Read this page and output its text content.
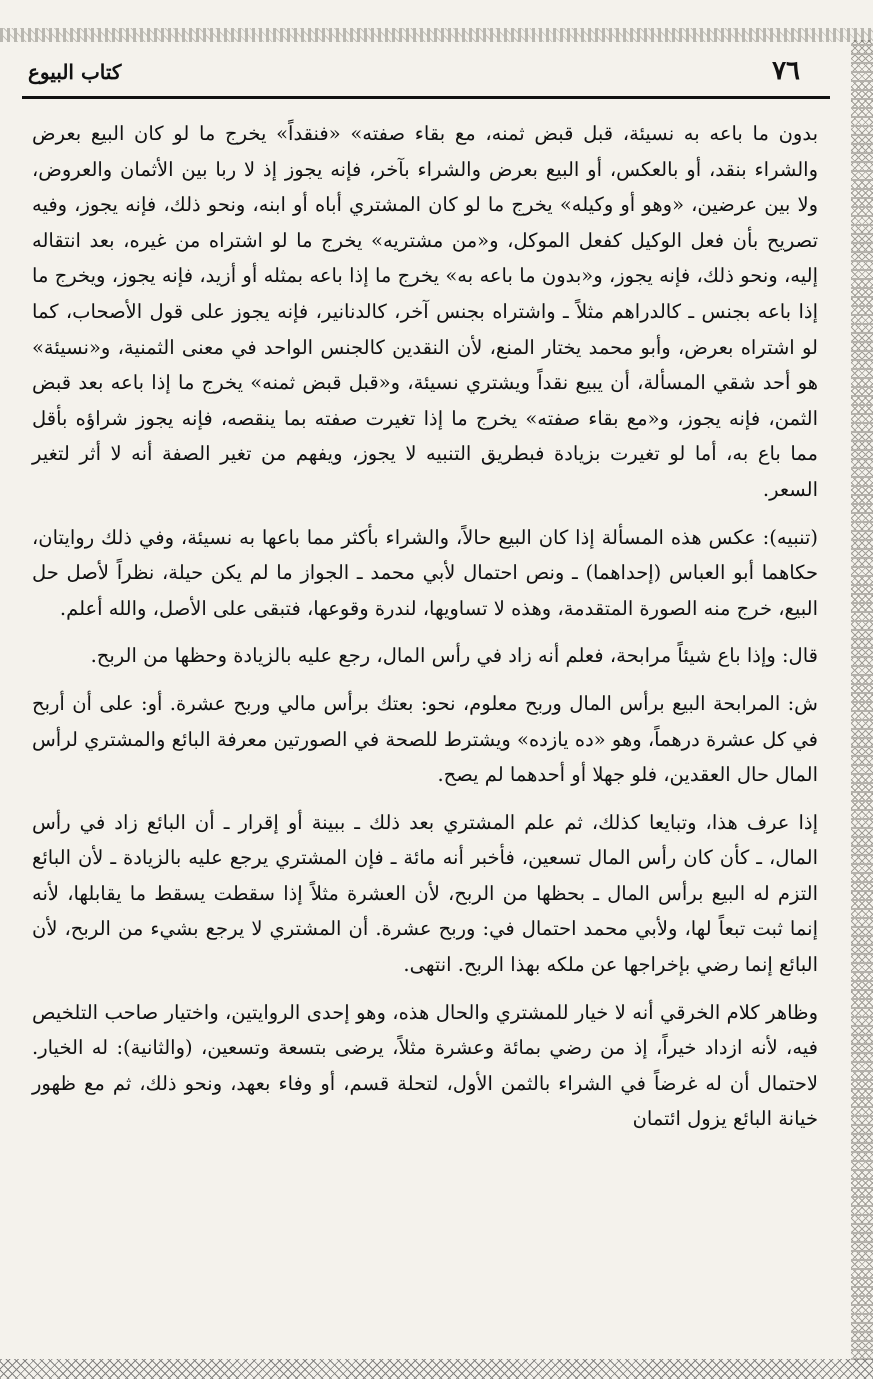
٧٦
كتاب البيوع

بدون ما باعه به نسيئة، قبل قبض ثمنه، مع بقاء صفته» «فنقداً» يخرج ما لو كان البيع بعرض والشراء بنقد، أو بالعكس، أو البيع بعرض والشراء بآخر، فإنه يجوز إذ لا ربا بين الأثمان والعروض، ولا بين عرضين، «وهو أو وكيله» يخرج ما لو كان المشتري أباه أو ابنه، ونحو ذلك، فإنه يجوز، وفيه تصريح بأن فعل الوكيل كفعل الموكل، و«من مشتريه» يخرج ما لو اشتراه من غيره، بعد انتقاله إليه، ونحو ذلك، فإنه يجوز، و«بدون ما باعه به» يخرج ما إذا باعه بمثله أو أزيد، فإنه يجوز، ويخرج ما إذا باعه بجنس ـ كالدراهم مثلاً ـ واشتراه بجنس آخر، كالدنانير، فإنه يجوز على قول الأصحاب، كما لو اشتراه بعرض، وأبو محمد يختار المنع، لأن النقدين كالجنس الواحد في معنى الثمنية، و«نسيئة» هو أحد شقي المسألة، أن يبيع نقداً ويشتري نسيئة، و«قبل قبض ثمنه» يخرج ما إذا باعه بعد قبض الثمن، فإنه يجوز، و«مع بقاء صفته» يخرج ما إذا تغيرت صفته بما ينقصه، فإنه يجوز شراؤه بأقل مما باع به، أما لو تغيرت بزيادة فبطريق التنبيه لا يجوز، ويفهم من تغير الصفة أنه لا أثر لتغير السعر.

(تنبيه): عكس هذه المسألة إذا كان البيع حالاً، والشراء بأكثر مما باعها به نسيئة، وفي ذلك روايتان، حكاهما أبو العباس (إحداهما) ـ ونص احتمال لأبي محمد ـ الجواز ما لم يكن حيلة، نظراً لأصل حل البيع، خرج منه الصورة المتقدمة، وهذه لا تساويها، لندرة وقوعها، فتبقى على الأصل، والله أعلم.

قال: وإذا باع شيئاً مرابحة، فعلم أنه زاد في رأس المال، رجع عليه بالزيادة وحظها من الربح.

ش: المرابحة البيع برأس المال وربح معلوم، نحو: بعتك برأس مالي وربح عشرة. أو: على أن أربح في كل عشرة درهماً، وهو «ده يازده» ويشترط للصحة في الصورتين معرفة البائع والمشتري لرأس المال حال العقدين، فلو جهلا أو أحدهما لم يصح.

إذا عرف هذا، وتبايعا كذلك، ثم علم المشتري بعد ذلك ـ ببينة أو إقرار ـ أن البائع زاد في رأس المال، ـ كأن كان رأس المال تسعين، فأخبر أنه مائة ـ فإن المشتري يرجع عليه بالزيادة ـ لأن البائع التزم له البيع برأس المال ـ بحظها من الربح، لأن العشرة مثلاً إذا سقطت يسقط ما يقابلها، لأنه إنما ثبت تبعاً لها، ولأبي محمد احتمال في: وربح عشرة. أن المشتري لا يرجع بشيء من الربح، لأن البائع إنما رضي بإخراجها عن ملكه بهذا الربح. انتهى.

وظاهر كلام الخرقي أنه لا خيار للمشتري والحال هذه، وهو إحدى الروايتين، واختيار صاحب التلخيص فيه، لأنه ازداد خيراً، إذ من رضي بمائة وعشرة مثلاً، يرضى بتسعة وتسعين، (والثانية): له الخيار. لاحتمال أن له غرضاً في الشراء بالثمن الأول، لتحلة قسم، أو وفاء بعهد، ونحو ذلك، ثم مع ظهور خيانة البائع يزول ائتمان
